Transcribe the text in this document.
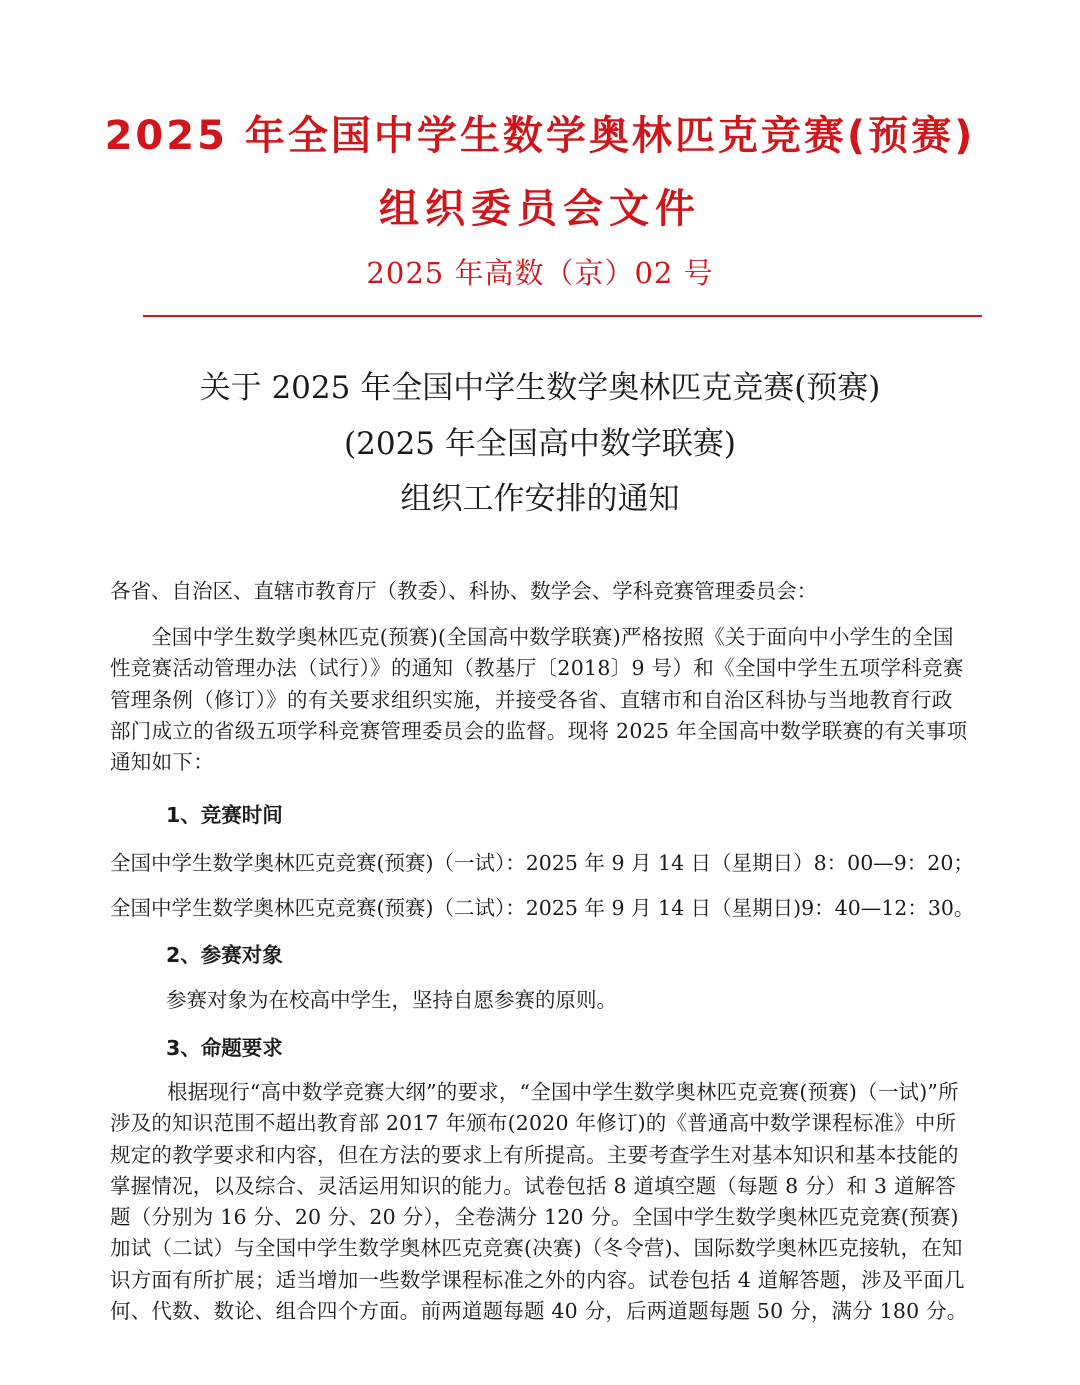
2025 年全国中学生数学奥林匹克竞赛(预赛)
组织委员会文件
2025 年高数（京）02 号
关于 2025 年全国中学生数学奥林匹克竞赛(预赛)
(2025 年全国高中数学联赛)
组织工作安排的通知
各省、自治区、直辖市教育厅（教委）、科协、数学会、学科竞赛管理委员会：
全国中学生数学奥林匹克(预赛)(全国高中数学联赛)严格按照《关于面向中小学生的全国性竞赛活动管理办法（试行）》的通知（教基厅〔2018〕9 号）和《全国中学生五项学科竞赛管理条例（修订）》的有关要求组织实施，并接受各省、直辖市和自治区科协与当地教育行政部门成立的省级五项学科竞赛管理委员会的监督。现将 2025 年全国高中数学联赛的有关事项通知如下：
1、竞赛时间
全国中学生数学奥林匹克竞赛(预赛)（一试）：2025 年 9 月 14 日（星期日）8：00—9：20；
全国中学生数学奥林匹克竞赛(预赛)（二试）：2025 年 9 月 14 日（星期日)9：40—12：30。
2、参赛对象
参赛对象为在校高中学生，坚持自愿参赛的原则。
3、命题要求
根据现行“高中数学竞赛大纲”的要求，“全国中学生数学奥林匹克竞赛(预赛)（一试)”所涉及的知识范围不超出教育部 2017 年颁布(2020 年修订)的《普通高中数学课程标准》中所规定的教学要求和内容，但在方法的要求上有所提高。主要考查学生对基本知识和基本技能的掌握情况，以及综合、灵活运用知识的能力。试卷包括 8 道填空题（每题 8 分）和 3 道解答题（分别为 16 分、20 分、20 分），全卷满分 120 分。全国中学生数学奥林匹克竞赛(预赛)加试（二试）与全国中学生数学奥林匹克竞赛(决赛)（冬令营)、国际数学奥林匹克接轨，在知识方面有所扩展；适当增加一些数学课程标准之外的内容。试卷包括 4 道解答题，涉及平面几何、代数、数论、组合四个方面。前两道题每题 40 分，后两道题每题 50 分，满分 180 分。
